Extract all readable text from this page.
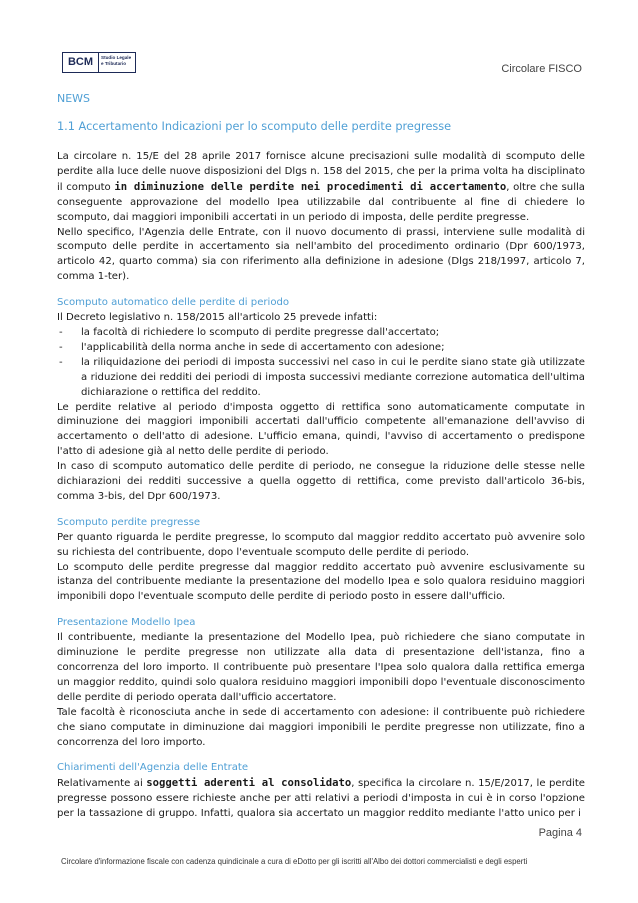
BCM	Studio Legale
e Tributario	Circolare FISCO
NEWS
1.1 Accertamento Indicazioni per lo scomputo delle perdite pregresse

La circolare n. 15/E del 28 aprile 2017 fornisce alcune precisazioni sulle modalità di scomputo delle perdite alla luce delle nuove disposizioni del Dlgs n. 158 del 2015, che per la prima volta ha disciplinato il computo in diminuzione delle perdite nei procedimenti di accertamento, oltre che sulla conseguente approvazione del modello Ipea utilizzabile dal contribuente al fine di chiedere lo scomputo, dai maggiori imponibili accertati in un periodo di imposta, delle perdite pregresse.

Nello specifico, l'Agenzia delle Entrate, con il nuovo documento di prassi, interviene sulle modalità di scomputo delle perdite in accertamento sia nell'ambito del procedimento ordinario (Dpr 600/1973, articolo 42, quarto comma) sia con riferimento alla definizione in adesione (Dlgs 218/1997, articolo 7, comma 1-ter).

Scomputo automatico delle perdite di periodo

Il Decreto legislativo n. 158/2015 all'articolo 25 prevede infatti:

- la facoltà di richiedere lo scomputo di perdite pregresse dall'accertato;
- l'applicabilità della norma anche in sede di accertamento con adesione;
- la riliquidazione dei periodi di imposta successivi nel caso in cui le perdite siano state già utilizzate a riduzione dei redditi dei periodi di imposta successivi mediante correzione automatica dell'ultima dichiarazione o rettifica del reddito.

Le perdite relative al periodo d'imposta oggetto di rettifica sono automaticamente computate in diminuzione dei maggiori imponibili accertati dall'ufficio competente all'emanazione dell'avviso di accertamento o dell'atto di adesione. L'ufficio emana, quindi, l'avviso di accertamento o predispone l'atto di adesione già al netto delle perdite di periodo.

In caso di scomputo automatico delle perdite di periodo, ne consegue la riduzione delle stesse nelle dichiarazioni dei redditi successive a quella oggetto di rettifica, come previsto dall'articolo 36-bis, comma 3-bis, del Dpr 600/1973.

Scomputo perdite pregresse

Per quanto riguarda le perdite pregresse, lo scomputo dal maggior reddito accertato può avvenire solo su richiesta del contribuente, dopo l'eventuale scomputo delle perdite di periodo.

Lo scomputo delle perdite pregresse dal maggior reddito accertato può avvenire esclusivamente su istanza del contribuente mediante la presentazione del modello Ipea e solo qualora residuino maggiori imponibili dopo l'eventuale scomputo delle perdite di periodo posto in essere dall'ufficio.

Presentazione Modello Ipea

Il contribuente, mediante la presentazione del Modello Ipea, può richiedere che siano computate in diminuzione le perdite pregresse non utilizzate alla data di presentazione dell'istanza, fino a concorrenza del loro importo. Il contribuente può presentare l'Ipea solo qualora dalla rettifica emerga un maggior reddito, quindi solo qualora residuino maggiori imponibili dopo l'eventuale disconoscimento delle perdite di periodo operata dall'ufficio accertatore.

Tale facoltà è riconosciuta anche in sede di accertamento con adesione: il contribuente può richiedere che siano computate in diminuzione dai maggiori imponibili le perdite pregresse non utilizzate, fino a concorrenza del loro importo.

Chiarimenti dell'Agenzia delle Entrate

Relativamente ai soggetti aderenti al consolidato, specifica la circolare n. 15/E/2017, le perdite pregresse possono essere richieste anche per atti relativi a periodi d'imposta in cui è in corso l'opzione per la tassazione di gruppo. Infatti, qualora sia accertato un maggior reddito mediante l'atto unico per i

Pagina 4
Circolare d'informazione fiscale con cadenza quindicinale a cura di eDotto per gli iscritti all'Albo dei dottori commercialisti e degli esperti
